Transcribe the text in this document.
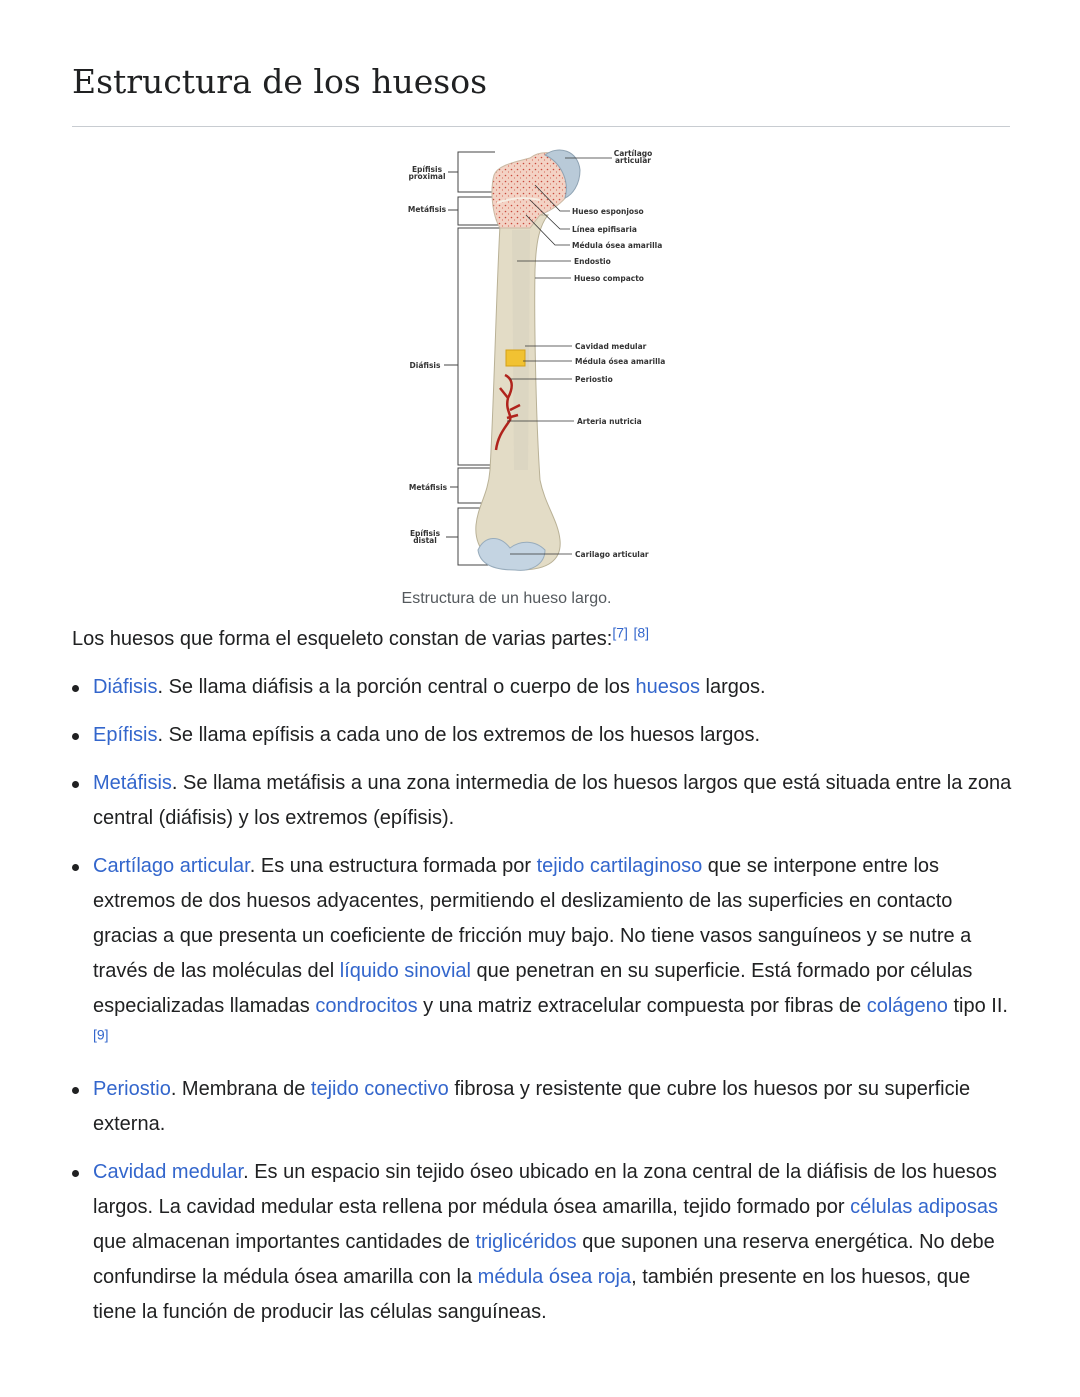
Estructura de los huesos
Epífisis
proximal
Metáfisis
Diáfisis
Metáfisis
Epífisis
distal
Cartílago
articular
Hueso esponjoso
Línea epifisaria
Médula ósea amarilla
Endostio
Hueso compacto
Cavidad medular
Médula ósea amarilla
Periostio
Arteria nutricia
Carilago articular
Estructura de un hueso largo.

Los huesos que forma el esqueleto constan de varias partes:[7] [8]

Diáfisis. Se llama diáfisis a la porción central o cuerpo de los huesos largos.
Epífisis. Se llama epífisis a cada uno de los extremos de los huesos largos.
Metáfisis. Se llama metáfisis a una zona intermedia de los huesos largos que está situada entre la zona central (diáfisis) y los extremos (epífisis).
Cartílago articular. Es una estructura formada por tejido cartilaginoso que se interpone entre los extremos de dos huesos adyacentes, permitiendo el deslizamiento de las superficies en contacto gracias a que presenta un coeficiente de fricción muy bajo. No tiene vasos sanguíneos y se nutre a través de las moléculas del líquido sinovial que penetran en su superficie. Está formado por células especializadas llamadas condrocitos y una matriz extracelular compuesta por fibras de colágeno tipo II.[9]
Periostio. Membrana de tejido conectivo fibrosa y resistente que cubre los huesos por su superficie externa.
Cavidad medular. Es un espacio sin tejido óseo ubicado en la zona central de la diáfisis de los huesos largos. La cavidad medular esta rellena por médula ósea amarilla, tejido formado por células adiposas que almacenan importantes cantidades de triglicéridos que suponen una reserva energética. No debe confundirse la médula ósea amarilla con la médula ósea roja, también presente en los huesos, que tiene la función de producir las células sanguíneas.
